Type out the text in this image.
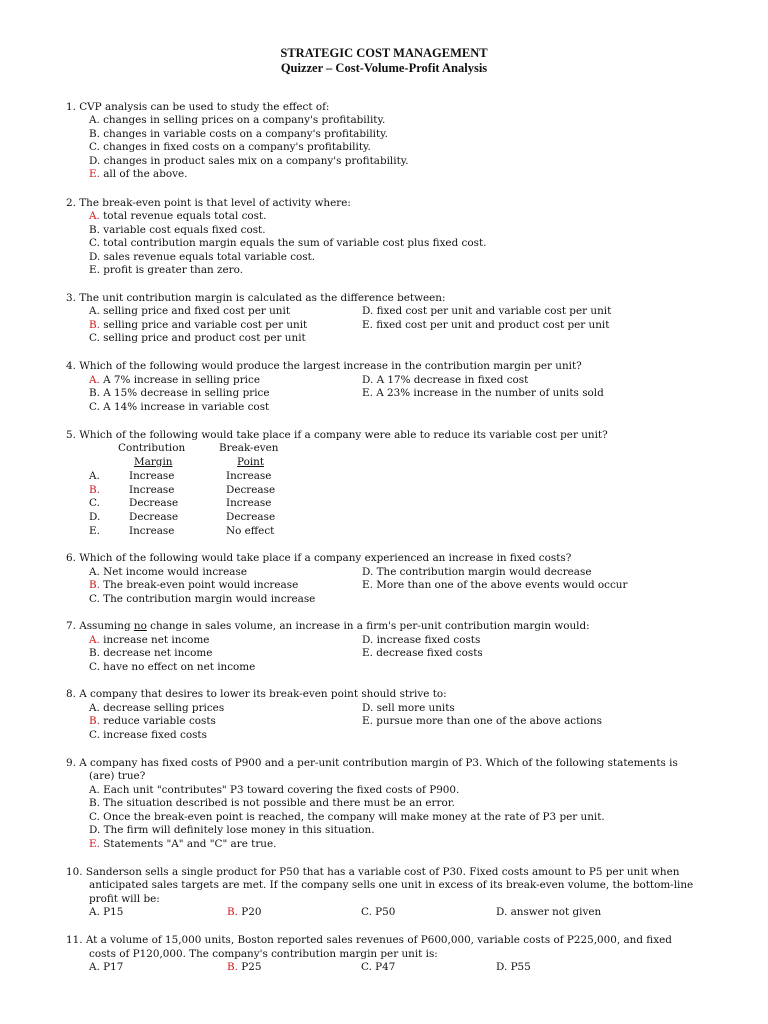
STRATEGIC COST MANAGEMENT
Quizzer – Cost-Volume-Profit Analysis
1. CVP analysis can be used to study the effect of:
A. changes in selling prices on a company's profitability.
B. changes in variable costs on a company's profitability.
C. changes in fixed costs on a company's profitability.
D. changes in product sales mix on a company's profitability.
E. all of the above.
2. The break-even point is that level of activity where:
A. total revenue equals total cost.
B. variable cost equals fixed cost.
C. total contribution margin equals the sum of variable cost plus fixed cost.
D. sales revenue equals total variable cost.
E. profit is greater than zero.
3. The unit contribution margin is calculated as the difference between:
A. selling price and fixed cost per unit
B. selling price and variable cost per unit
C. selling price and product cost per unit
D. fixed cost per unit and variable cost per unit
E. fixed cost per unit and product cost per unit
4. Which of the following would produce the largest increase in the contribution margin per unit?
A. A 7% increase in selling price
B. A 15% decrease in selling price
C. A 14% increase in variable cost
D. A 17% decrease in fixed cost
E. A 23% increase in the number of units sold
5. Which of the following would take place if a company were able to reduce its variable cost per unit?
Contribution
Margin
Break-even
Point
A.	Increase	Increase
B.	Increase	Decrease
C.	Decrease	Increase
D.	Decrease	Decrease
E.	Increase	No effect
6. Which of the following would take place if a company experienced an increase in fixed costs?
A. Net income would increase
B. The break-even point would increase
C. The contribution margin would increase
D. The contribution margin would decrease
E. More than one of the above events would occur
7. Assuming no change in sales volume, an increase in a firm's per-unit contribution margin would:
A. increase net income
B. decrease net income
C. have no effect on net income
D. increase fixed costs
E. decrease fixed costs
8. A company that desires to lower its break-even point should strive to:
A. decrease selling prices
B. reduce variable costs
C. increase fixed costs
D. sell more units
E. pursue more than one of the above actions
9. A company has fixed costs of P900 and a per-unit contribution margin of P3. Which of the following statements is
(are) true?
A. Each unit "contributes" P3 toward covering the fixed costs of P900.
B. The situation described is not possible and there must be an error.
C. Once the break-even point is reached, the company will make money at the rate of P3 per unit.
D. The firm will definitely lose money in this situation.
E. Statements "A" and "C" are true.
10. Sanderson sells a single product for P50 that has a variable cost of P30. Fixed costs amount to P5 per unit when
anticipated sales targets are met. If the company sells one unit in excess of its break-even volume, the bottom-line
profit will be:
A. P15	B. P20	C. P50	D. answer not given
11. At a volume of 15,000 units, Boston reported sales revenues of P600,000, variable costs of P225,000, and fixed
costs of P120,000. The company's contribution margin per unit is:
A. P17	B. P25	C. P47	D. P55
